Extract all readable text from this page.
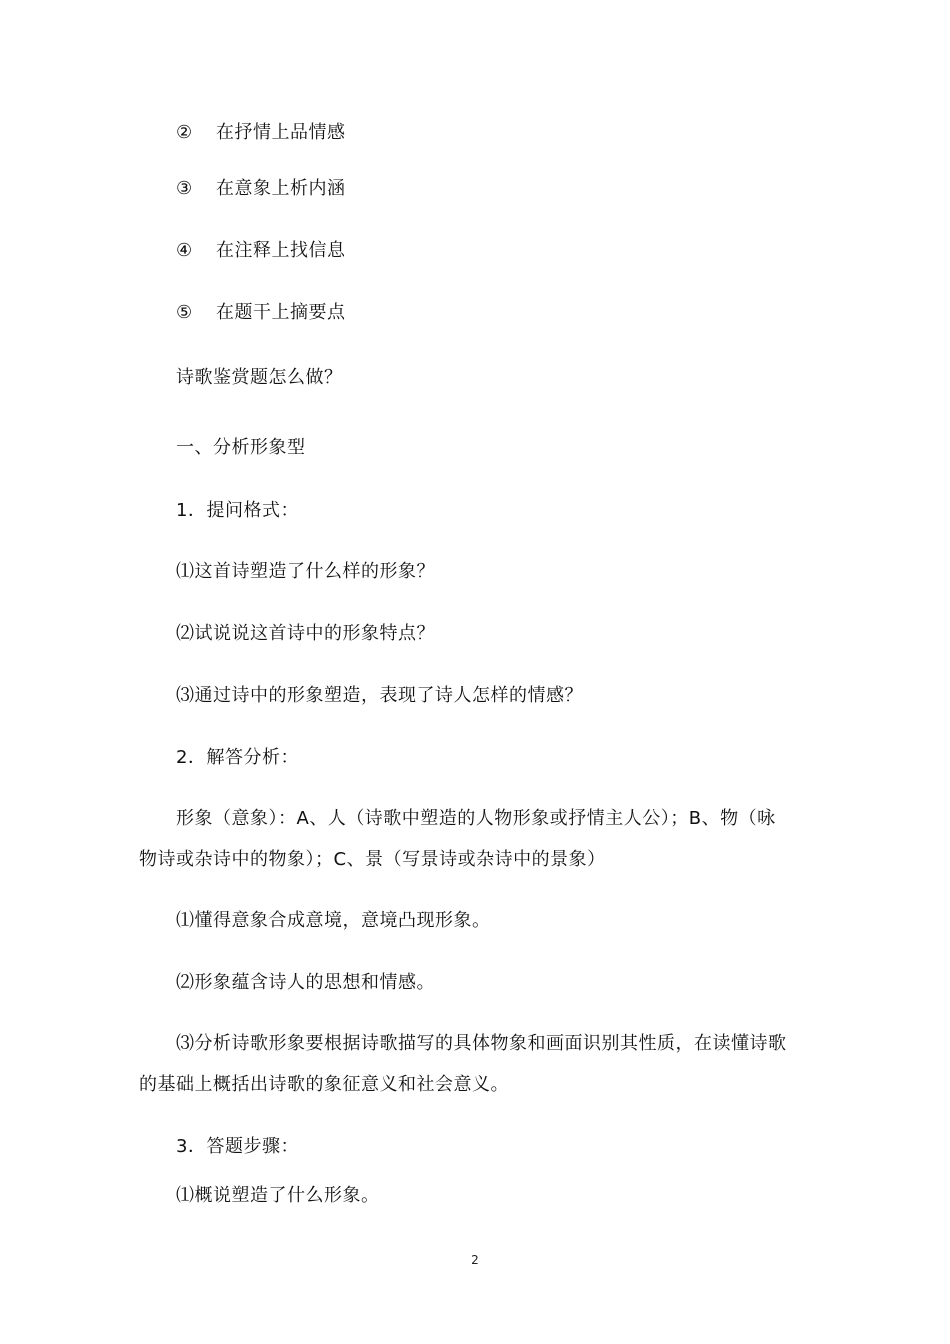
② 在抒情上品情感
③ 在意象上析内涵
④ 在注释上找信息
⑤ 在题干上摘要点
诗歌鉴赏题怎么做？
一、分析形象型
1．提问格式：
⑴这首诗塑造了什么样的形象？
⑵试说说这首诗中的形象特点？
⑶通过诗中的形象塑造，表现了诗人怎样的情感？
2．解答分析：
形象（意象）：A、人（诗歌中塑造的人物形象或抒情主人公）；B、物（咏
物诗或杂诗中的物象）；C、景（写景诗或杂诗中的景象）
⑴懂得意象合成意境，意境凸现形象。
⑵形象蕴含诗人的思想和情感。
⑶分析诗歌形象要根据诗歌描写的具体物象和画面识别其性质，在读懂诗歌
的基础上概括出诗歌的象征意义和社会意义。
3．答题步骤：
⑴概说塑造了什么形象。
2
